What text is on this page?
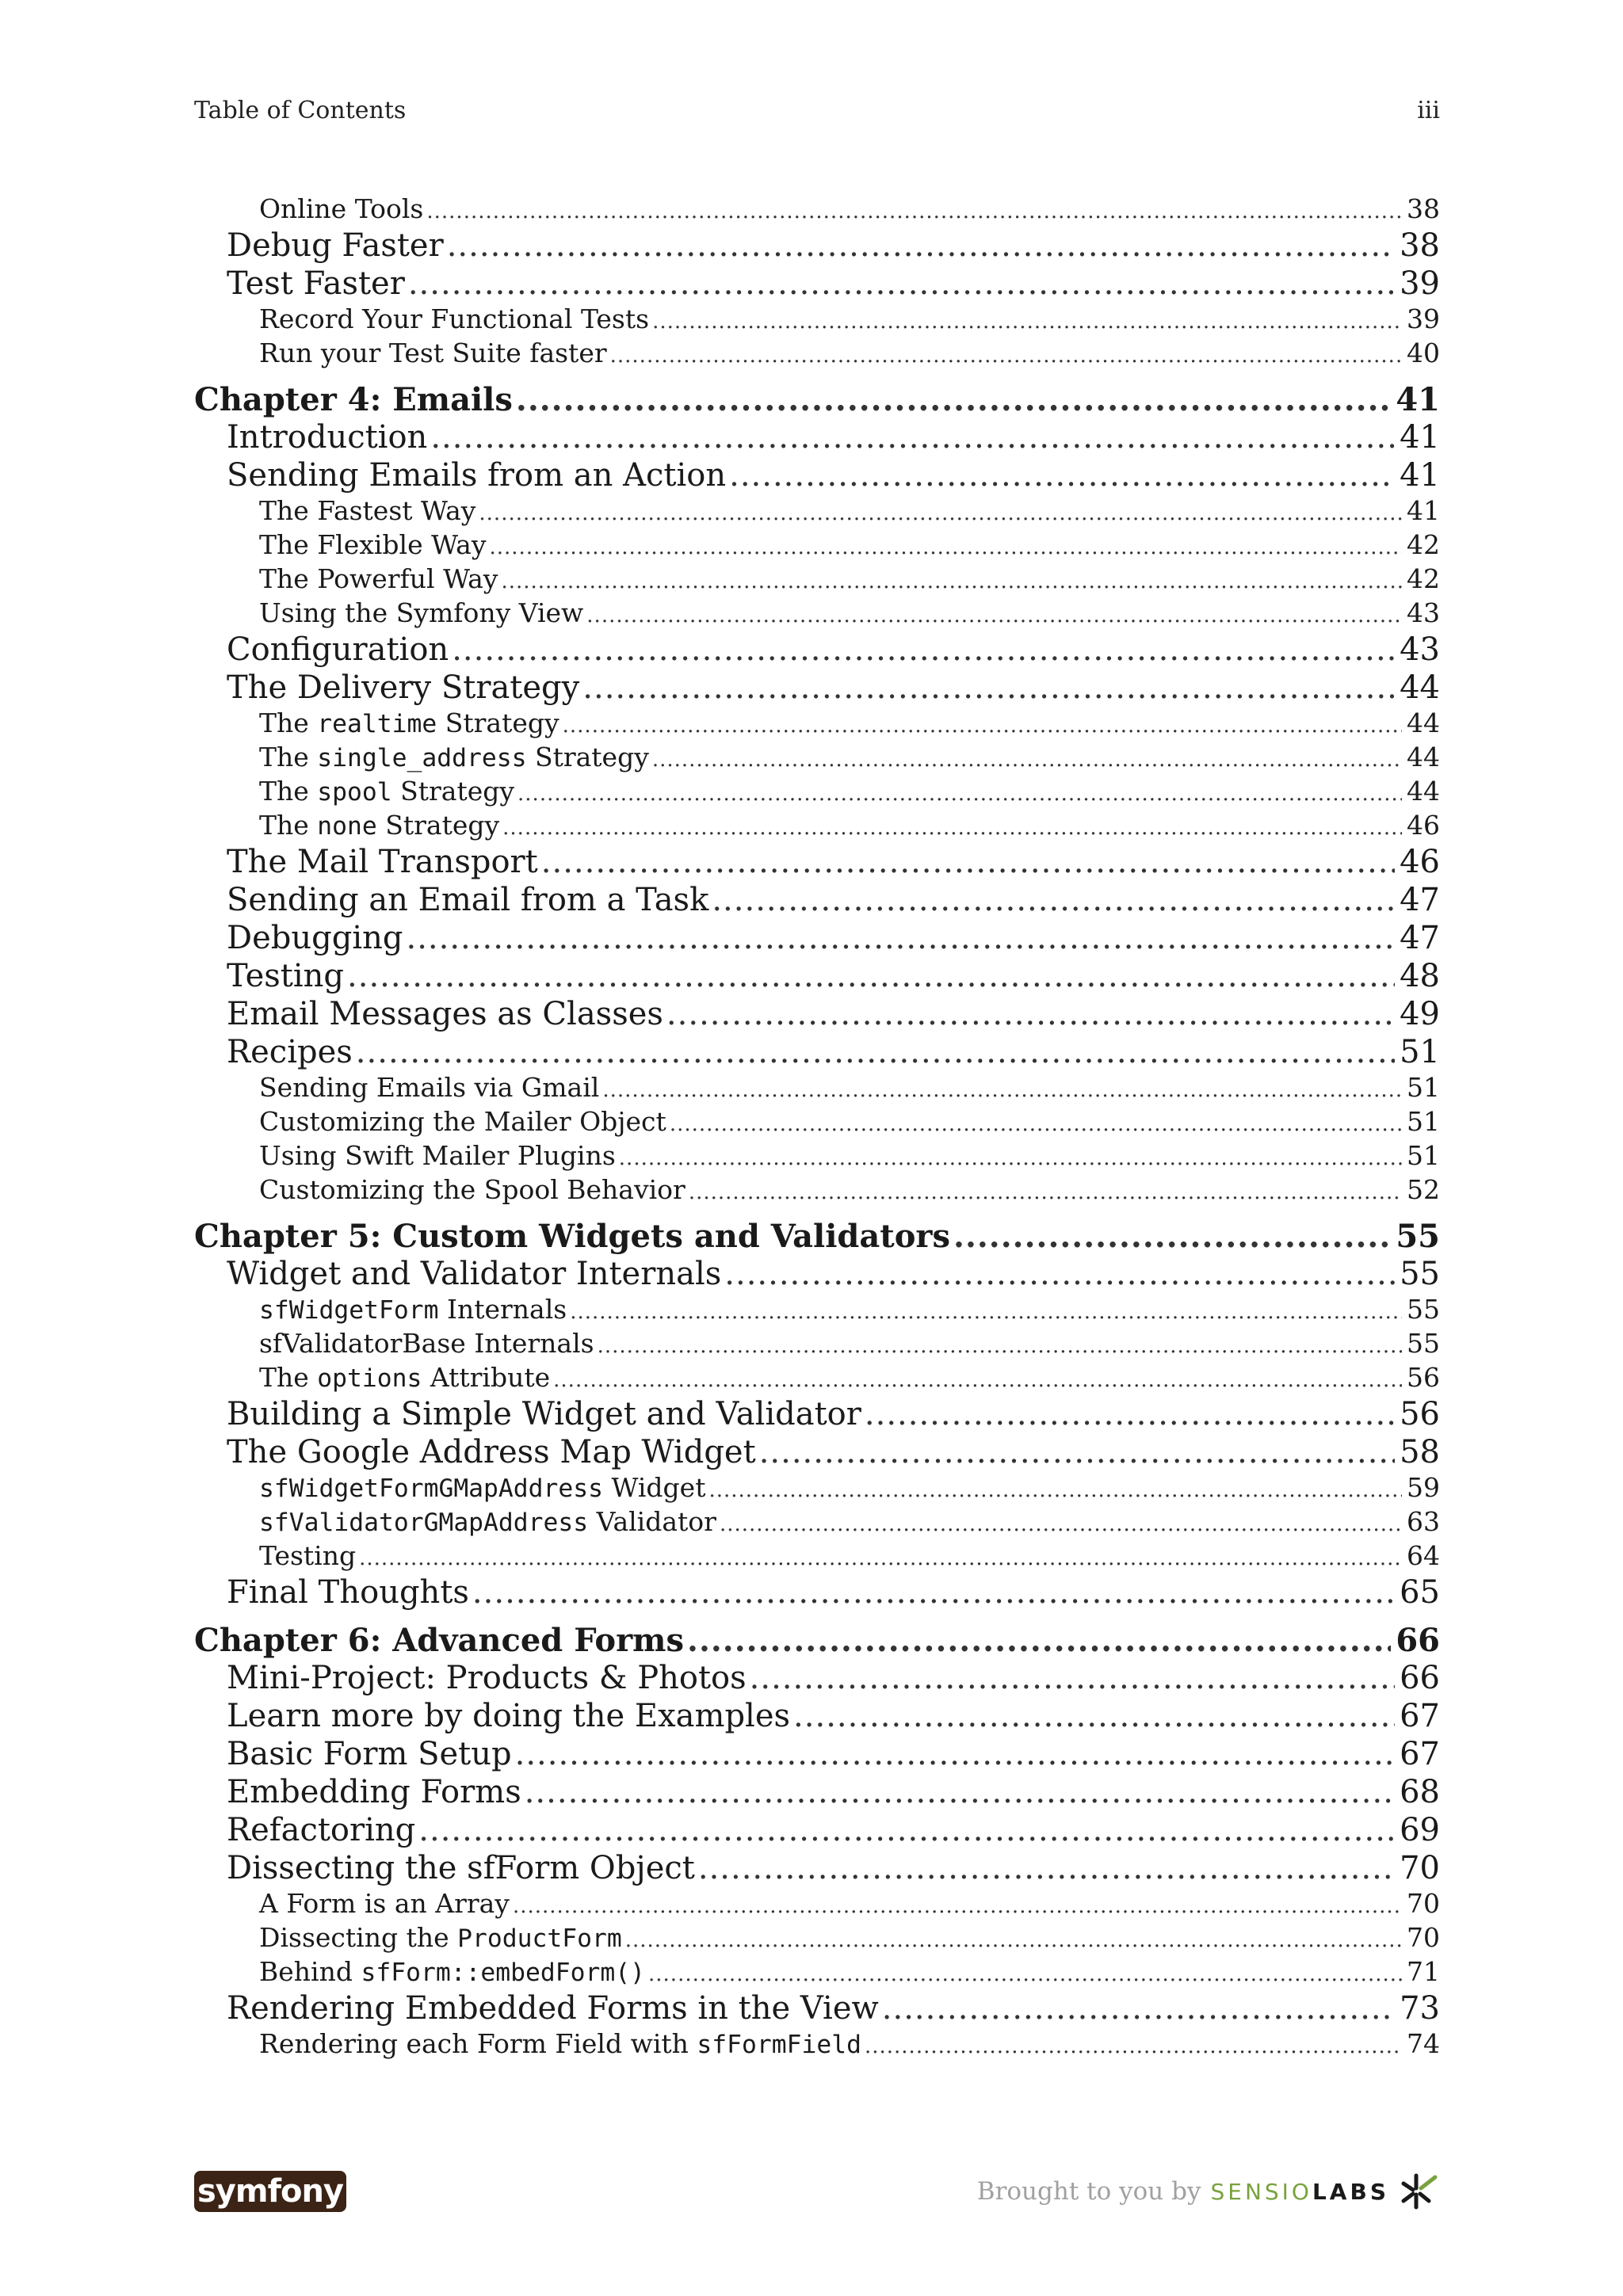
Table of Contents	iii
Online Tools .....	38
Debug Faster .....	38
Test Faster .....	39
Record Your Functional Tests .....	39
Run your Test Suite faster .....	40
Chapter 4: Emails .....	41
Introduction .....	41
Sending Emails from an Action .....	41
The Fastest Way .....	41
The Flexible Way .....	42
The Powerful Way .....	42
Using the Symfony View .....	43
Configuration .....	43
The Delivery Strategy .....	44
The realtime Strategy .....	44
The single_address Strategy .....	44
The spool Strategy .....	44
The none Strategy .....	46
The Mail Transport .....	46
Sending an Email from a Task .....	47
Debugging .....	47
Testing .....	48
Email Messages as Classes .....	49
Recipes .....	51
Sending Emails via Gmail .....	51
Customizing the Mailer Object .....	51
Using Swift Mailer Plugins .....	51
Customizing the Spool Behavior .....	52
Chapter 5: Custom Widgets and Validators .....	55
Widget and Validator Internals .....	55
sfWidgetForm Internals .....	55
sfValidatorBase Internals .....	55
The options Attribute .....	56
Building a Simple Widget and Validator .....	56
The Google Address Map Widget .....	58
sfWidgetFormGMapAddress Widget .....	59
sfValidatorGMapAddress Validator .....	63
Testing .....	64
Final Thoughts .....	65
Chapter 6: Advanced Forms .....	66
Mini-Project: Products & Photos .....	66
Learn more by doing the Examples .....	67
Basic Form Setup .....	67
Embedding Forms .....	68
Refactoring .....	69
Dissecting the sfForm Object .....	70
A Form is an Array .....	70
Dissecting the ProductForm .....	70
Behind sfForm::embedForm() .....	71
Rendering Embedded Forms in the View .....	73
Rendering each Form Field with sfFormField .....	74
symfony	Brought to you by SENSIO LABS
